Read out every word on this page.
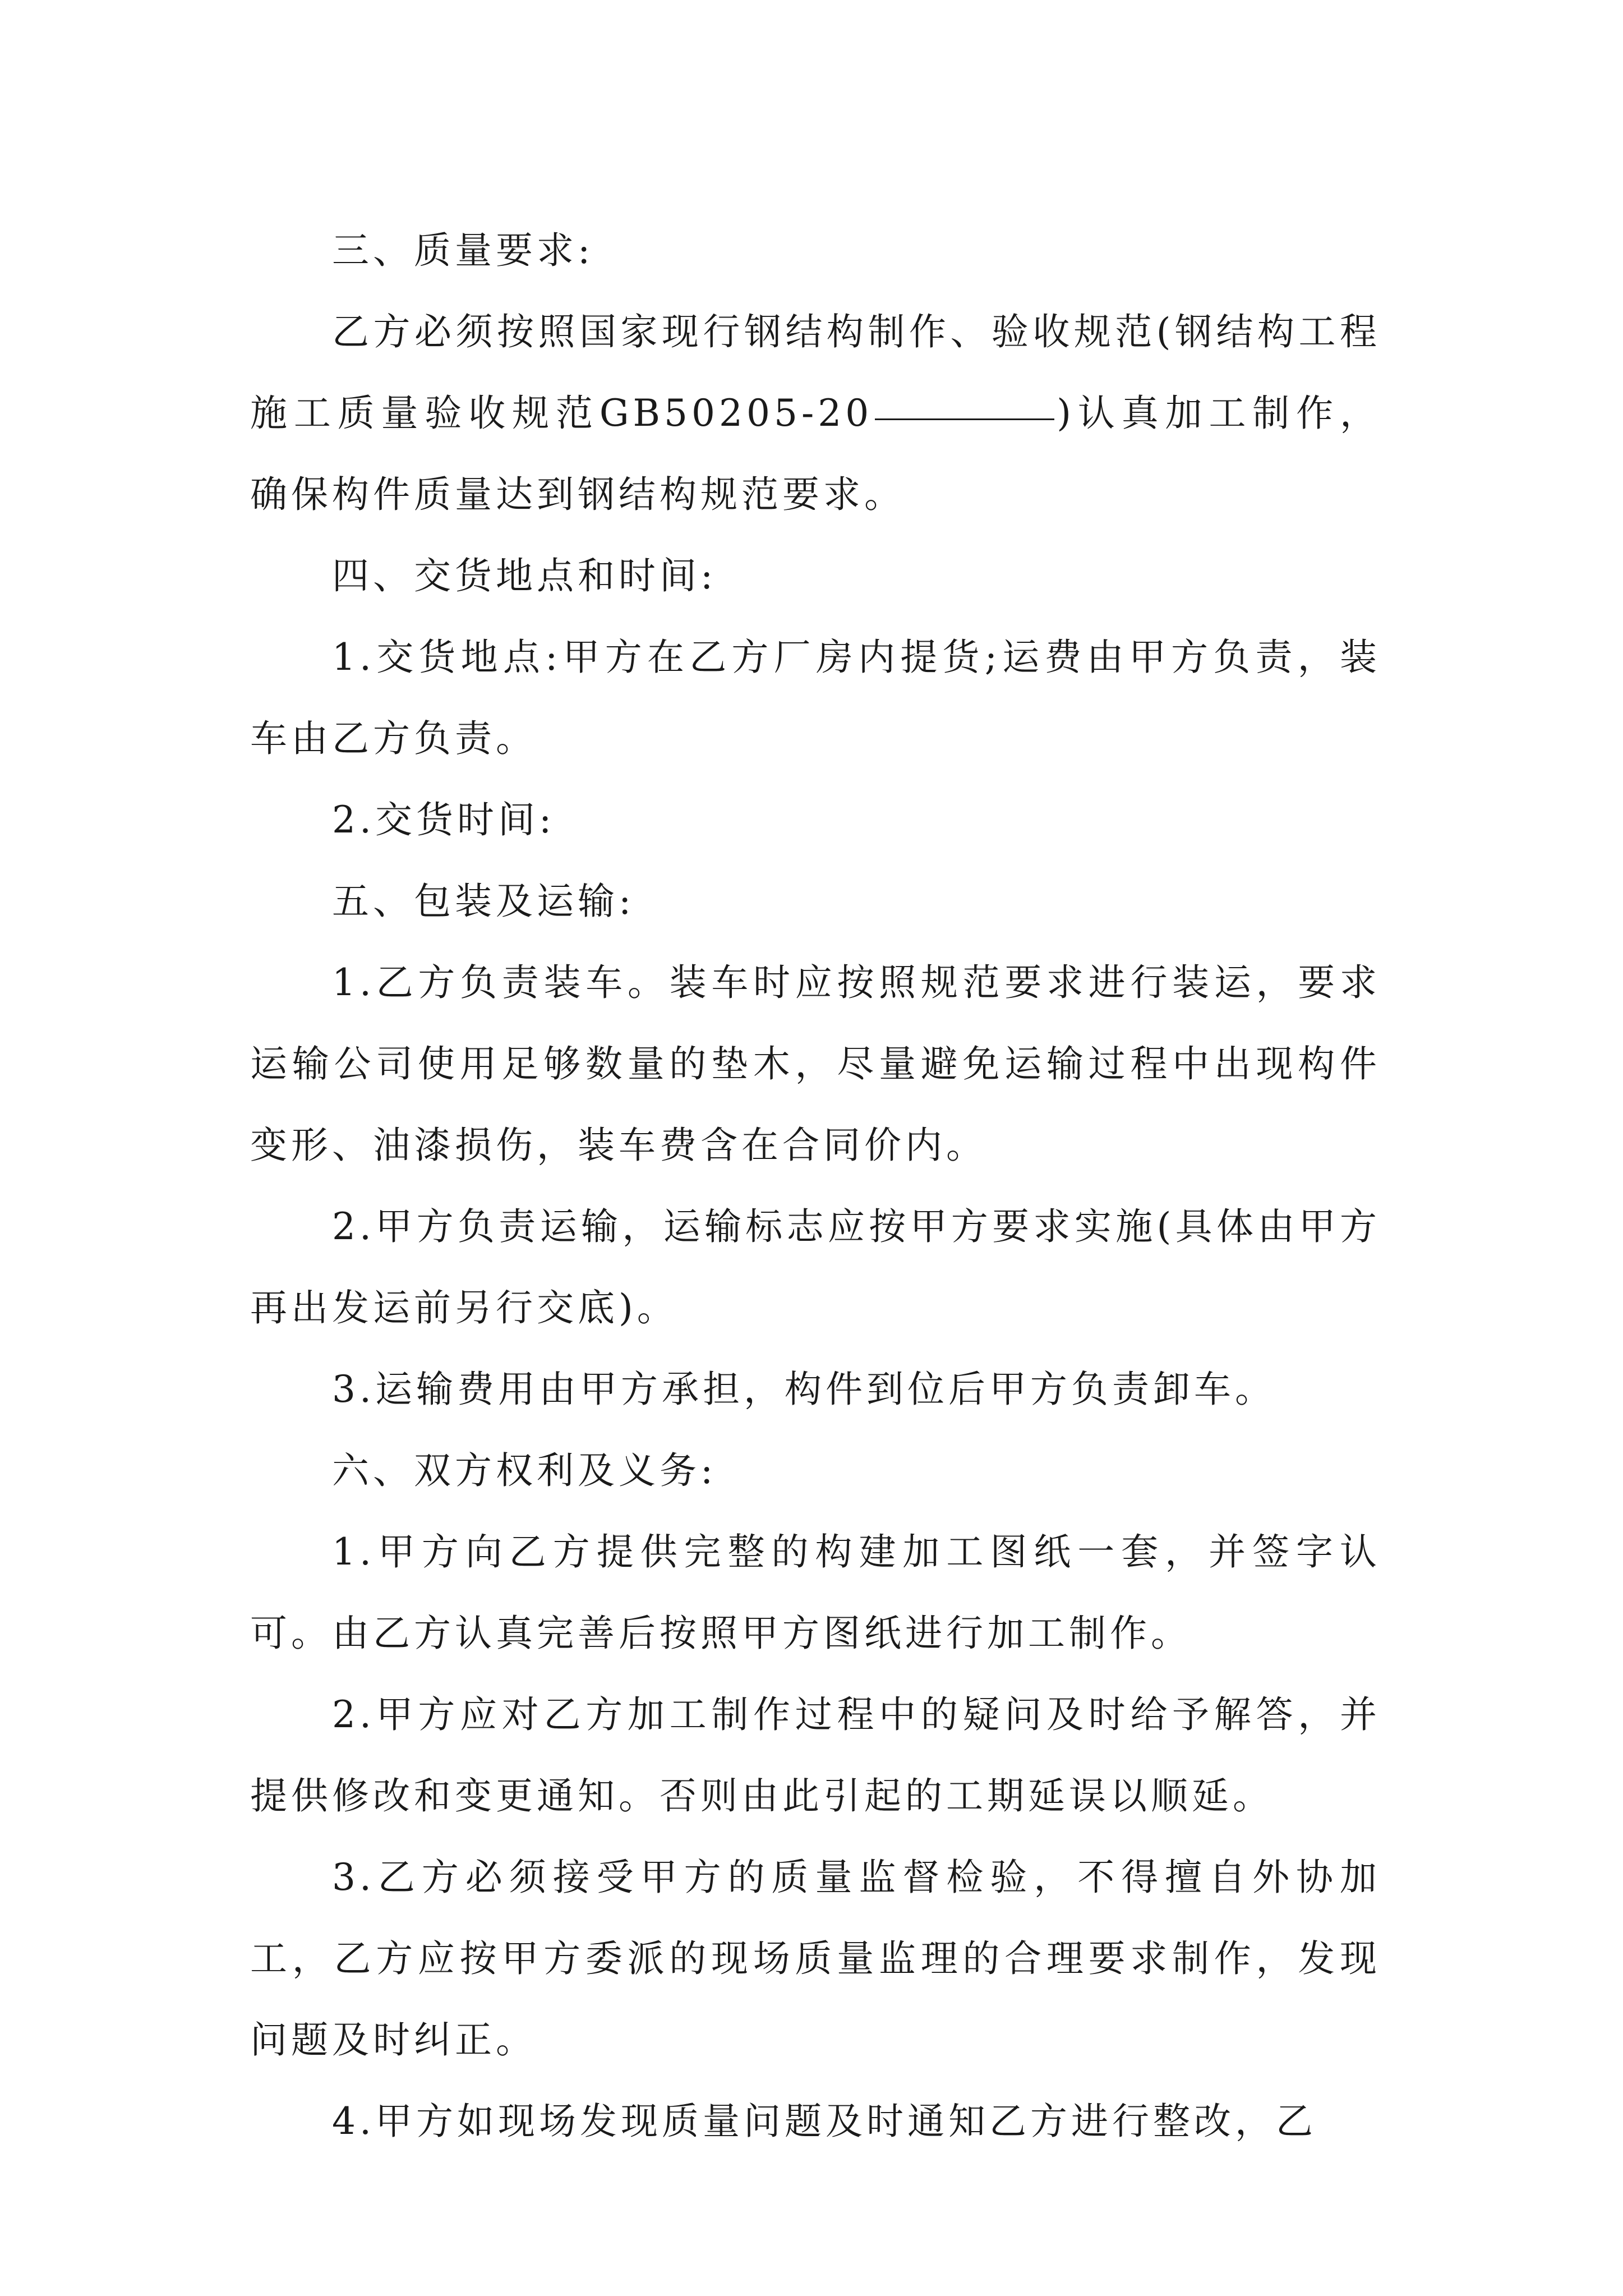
三、质量要求:

乙方必须按照国家现行钢结构制作、验收规范(钢结构工程施工质量验收规范GB50205-20	)认真加工制作，确保构件质量达到钢结构规范要求。

四、交货地点和时间:

1.交货地点:甲方在乙方厂房内提货;运费由甲方负责，装车由乙方负责。

2.交货时间:

五、包装及运输:

1.乙方负责装车。装车时应按照规范要求进行装运，要求运输公司使用足够数量的垫木，尽量避免运输过程中出现构件变形、油漆损伤，装车费含在合同价内。

2.甲方负责运输，运输标志应按甲方要求实施(具体由甲方再出发运前另行交底)。

3.运输费用由甲方承担，构件到位后甲方负责卸车。

六、双方权利及义务:

1.甲方向乙方提供完整的构建加工图纸一套，并签字认可。由乙方认真完善后按照甲方图纸进行加工制作。

2.甲方应对乙方加工制作过程中的疑问及时给予解答，并提供修改和变更通知。否则由此引起的工期延误以顺延。

3.乙方必须接受甲方的质量监督检验，不得擅自外协加工，乙方应按甲方委派的现场质量监理的合理要求制作，发现问题及时纠正。

4.甲方如现场发现质量问题及时通知乙方进行整改，乙
